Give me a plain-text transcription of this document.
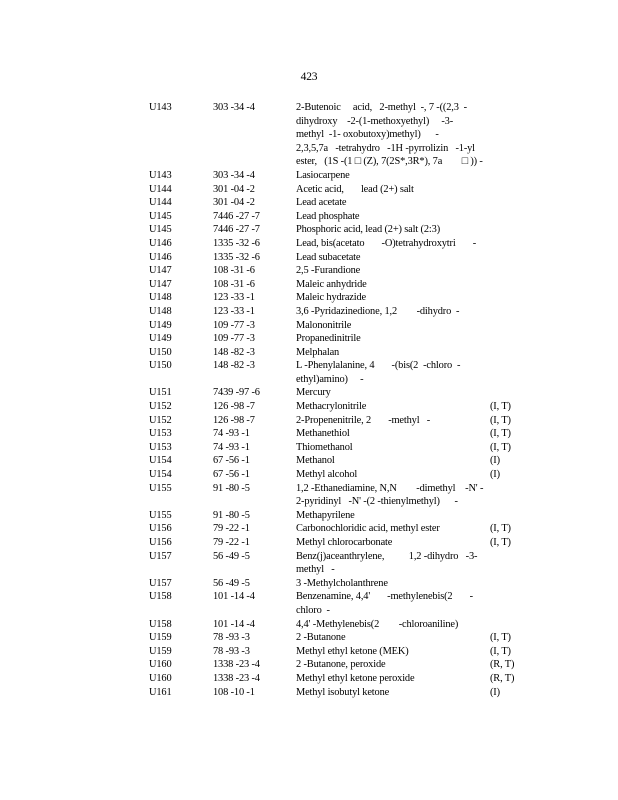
423
U143	303 -34 -4	2-Butenoic     acid,   2-methyl  -, 7 -((2,3  -
dihydroxy    -2-(1-methoxyethyl)     -3-
methyl  -1- oxobutoxy)methyl)      -
2,3,5,7a   -tetrahydro   -1H -pyrrolizin   -1-yl
ester,   (1S -(1 □ (Z), 7(2S*,3R*), 7a        □ )) -
U143	303 -34 -4	Lasiocarpene
U144	301 -04 -2	Acetic acid,       lead (2+) salt
U144	301 -04 -2	Lead acetate
U145	7446 -27 -7	Lead phosphate
U145	7446 -27 -7	Phosphoric acid, lead (2+) salt (2:3)
U146	1335 -32 -6	Lead, bis(acetato       -O)tetrahydroxytri       -
U146	1335 -32 -6	Lead subacetate
U147	108 -31 -6	2,5 -Furandione
U147	108 -31 -6	Maleic anhydride
U148	123 -33 -1	Maleic hydrazide
U148	123 -33 -1	3,6 -Pyridazinedione, 1,2        -dihydro  -
U149	109 -77 -3	Malononitrile
U149	109 -77 -3	Propanedinitrile
U150	148 -82 -3	Melphalan
U150	148 -82 -3	L -Phenylalanine, 4       -(bis(2  -chloro  -
ethyl)amino)     -
U151	7439 -97 -6	Mercury
U152	126 -98 -7	Methacrylonitrile	(I, T)
U152	126 -98 -7	2-Propenenitrile, 2       -methyl   -	(I, T)
U153	74 -93 -1	Methanethiol	(I, T)
U153	74 -93 -1	Thiomethanol	(I, T)
U154	67 -56 -1	Methanol	(I)
U154	67 -56 -1	Methyl alcohol	(I)
U155	91 -80 -5	1,2 -Ethanediamine, N,N        -dimethyl    -N' -
2-pyridinyl   -N' -(2 -thienylmethyl)      -
U155	91 -80 -5	Methapyrilene
U156	79 -22 -1	Carbonochloridic acid, methyl ester	(I, T)
U156	79 -22 -1	Methyl chlorocarbonate	(I, T)
U157	56 -49 -5	Benz(j)aceanthrylene,          1,2 -dihydro   -3-
methyl   -
U157	56 -49 -5	3 -Methylcholanthrene
U158	101 -14 -4	Benzenamine, 4,4'       -methylenebis(2       -
chloro  -
U158	101 -14 -4	4,4' -Methylenebis(2        -chloroaniline)
U159	78 -93 -3	2 -Butanone	(I, T)
U159	78 -93 -3	Methyl ethyl ketone (MEK)	(I, T)
U160	1338 -23 -4	2 -Butanone, peroxide	(R, T)
U160	1338 -23 -4	Methyl ethyl ketone peroxide	(R, T)
U161	108 -10 -1	Methyl isobutyl ketone	(I)
